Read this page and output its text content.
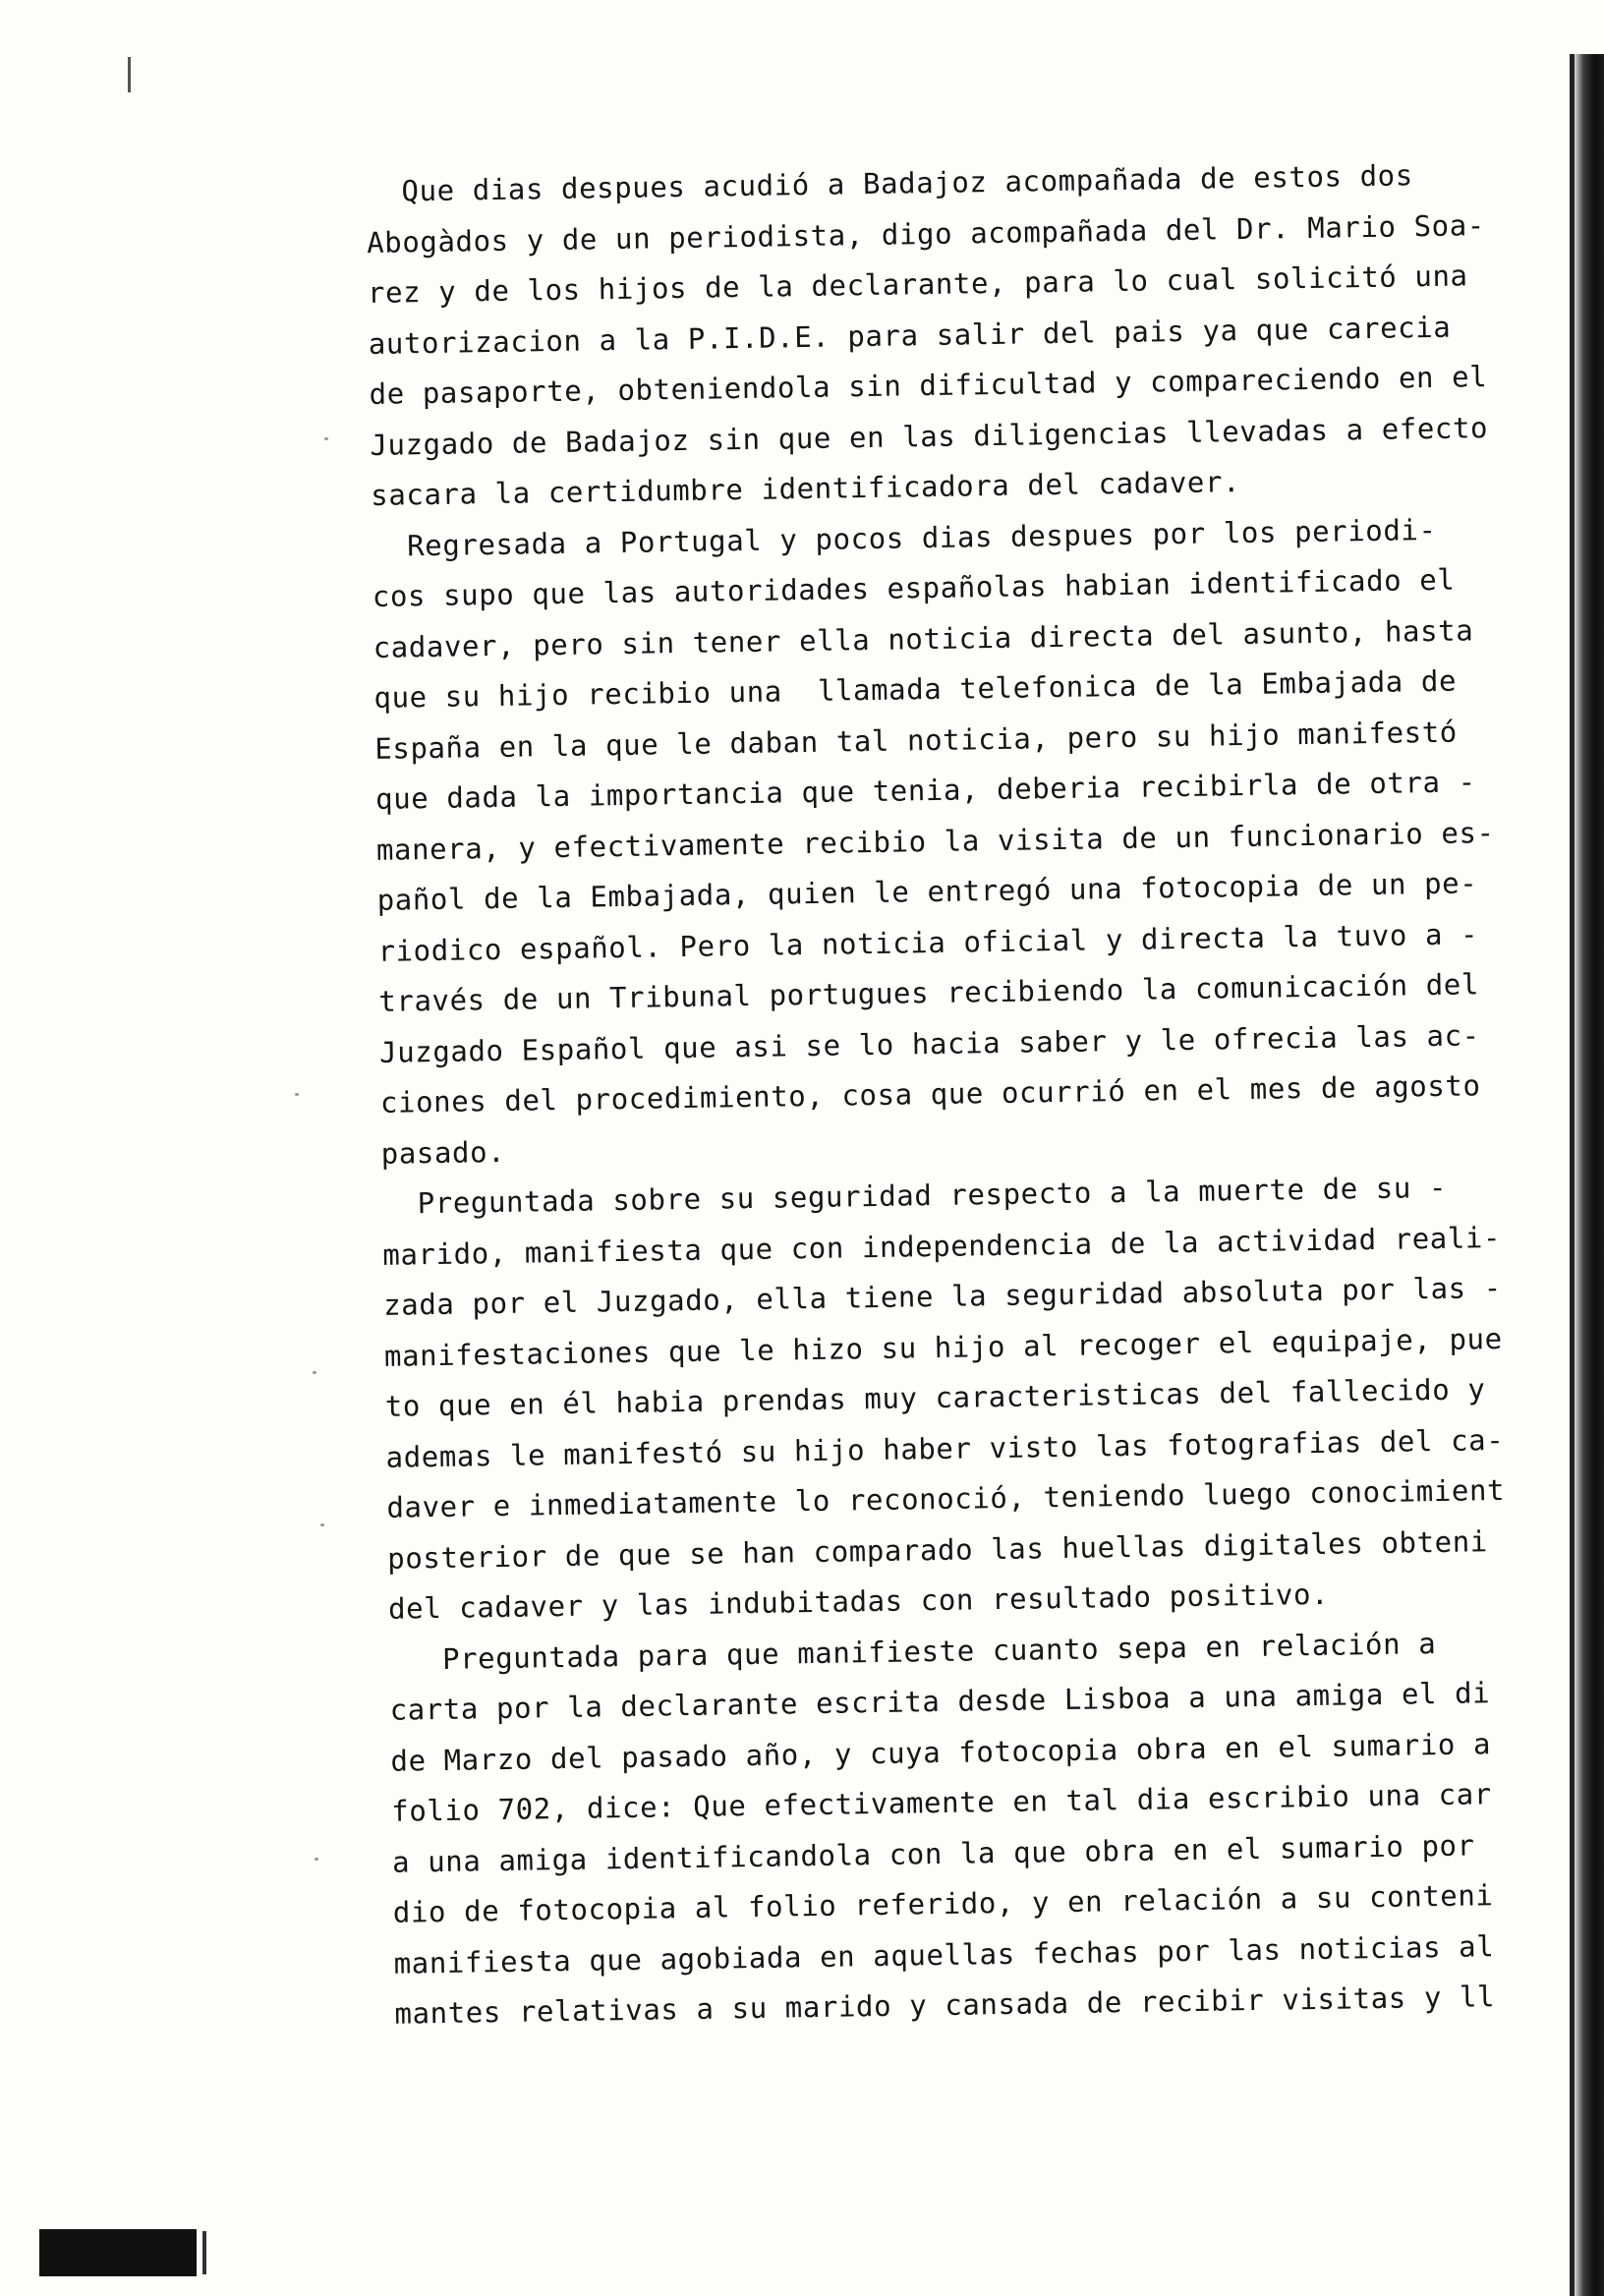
Que dias despues acudió a Badajoz acompañada de estos dos
Abogàdos y de un periodista, digo acompañada del Dr. Mario Soa-
rez y de los hijos de la declarante, para lo cual solicitó una
autorizacion a la P.I.D.E. para salir del pais ya que carecia
de pasaporte, obteniendola sin dificultad y compareciendo en el
Juzgado de Badajoz sin que en las diligencias llevadas a efecto
sacara la certidumbre identificadora del cadaver.
Regresada a Portugal y pocos dias despues por los periodi-
cos supo que las autoridades españolas habian identificado el
cadaver, pero sin tener ella noticia directa del asunto, hasta
que su hijo recibio una  llamada telefonica de la Embajada de
España en la que le daban tal noticia, pero su hijo manifestó
que dada la importancia que tenia, deberia recibirla de otra -
manera, y efectivamente recibio la visita de un funcionario es-
pañol de la Embajada, quien le entregó una fotocopia de un pe-
riodico español. Pero la noticia oficial y directa la tuvo a -
través de un Tribunal portugues recibiendo la comunicación del
Juzgado Español que asi se lo hacia saber y le ofrecia las ac-
ciones del procedimiento, cosa que ocurrió en el mes de agosto
pasado.
Preguntada sobre su seguridad respecto a la muerte de su -
marido, manifiesta que con independencia de la actividad reali-
zada por el Juzgado, ella tiene la seguridad absoluta por las -
manifestaciones que le hizo su hijo al recoger el equipaje, pue
to que en él habia prendas muy caracteristicas del fallecido y
ademas le manifestó su hijo haber visto las fotografias del ca-
daver e inmediatamente lo reconoció, teniendo luego conocimient
posterior de que se han comparado las huellas digitales obteni
del cadaver y las indubitadas con resultado positivo.
Preguntada para que manifieste cuanto sepa en relación a
carta por la declarante escrita desde Lisboa a una amiga el di
de Marzo del pasado año, y cuya fotocopia obra en el sumario a
folio 702, dice: Que efectivamente en tal dia escribio una car
a una amiga identificandola con la que obra en el sumario por
dio de fotocopia al folio referido, y en relación a su conteni
manifiesta que agobiada en aquellas fechas por las noticias al
mantes relativas a su marido y cansada de recibir visitas y ll
